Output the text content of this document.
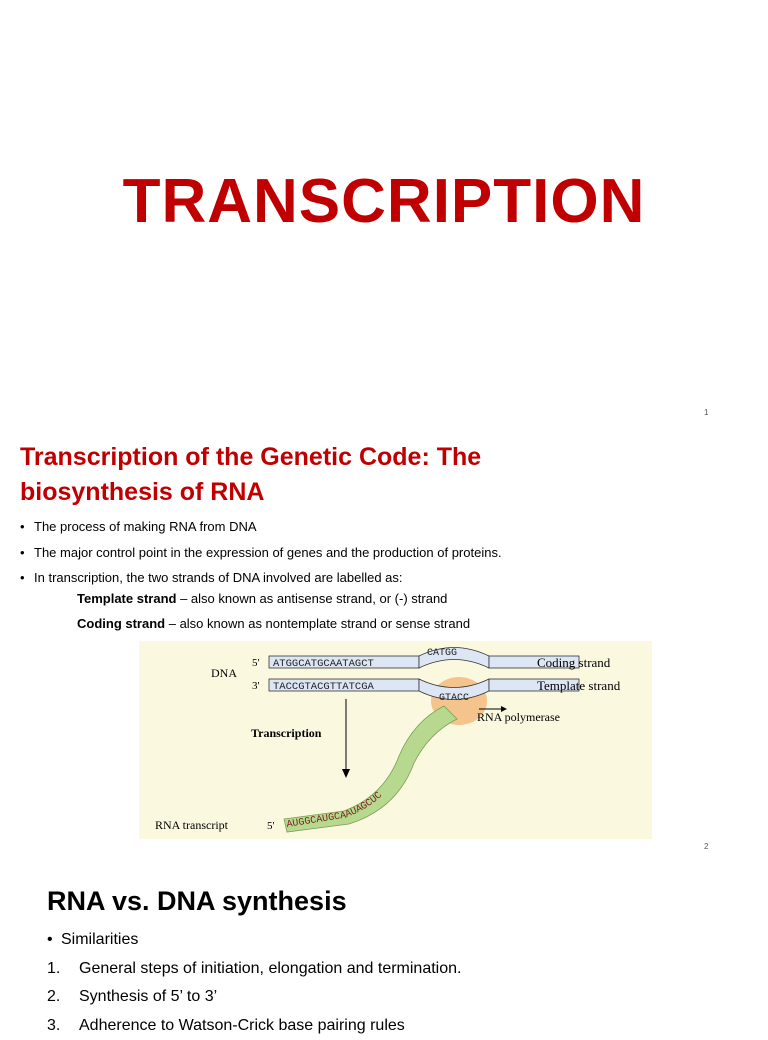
TRANSCRIPTION
1
Transcription of the Genetic Code: The
biosynthesis of RNA
• The process of making RNA from DNA
• The major control point in the expression of genes and the production of proteins.
• In transcription, the two strands of DNA involved are labelled as:
Template strand – also known as antisense strand, or (-) strand
Coding strand – also known as nontemplate strand or sense strand
DNA
5'
3'
ATGGCATGCAATAGCT
TACCGTACGTTATCGA
CATGG
GTACC
Coding strand
Template strand
RNA polymerase
Transcription
AUGGCAUGCAAUAGCUC
RNA transcript	5'
2
RNA vs. DNA synthesis
• Similarities
1. General steps of initiation, elongation and termination.
2. Synthesis of 5’ to 3’
3. Adherence to Watson-Crick base pairing rules
